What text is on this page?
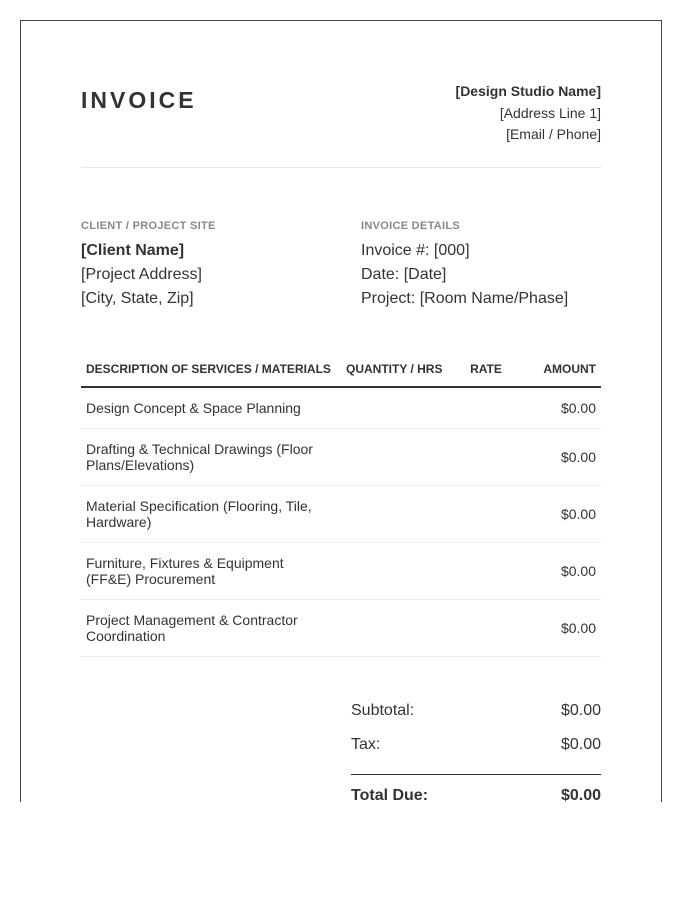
INVOICE	[Design Studio Name]
[Address Line 1]
[Email / Phone]
CLIENT / PROJECT SITE
[Client Name]
[Project Address]
[City, State, Zip]
INVOICE DETAILS
Invoice #: [000]
Date: [Date]
Project: [Room Name/Phase]
DESCRIPTION OF SERVICES / MATERIALS	QUANTITY / HRS	RATE	AMOUNT
Design Concept & Space Planning			$0.00
Drafting & Technical Drawings (Floor Plans/Elevations)			$0.00
Material Specification (Flooring, Tile, Hardware)			$0.00
Furniture, Fixtures & Equipment (FF&E) Procurement			$0.00
Project Management & Contractor Coordination			$0.00
Subtotal:	$0.00
Tax:	$0.00
Total Due:	$0.00
